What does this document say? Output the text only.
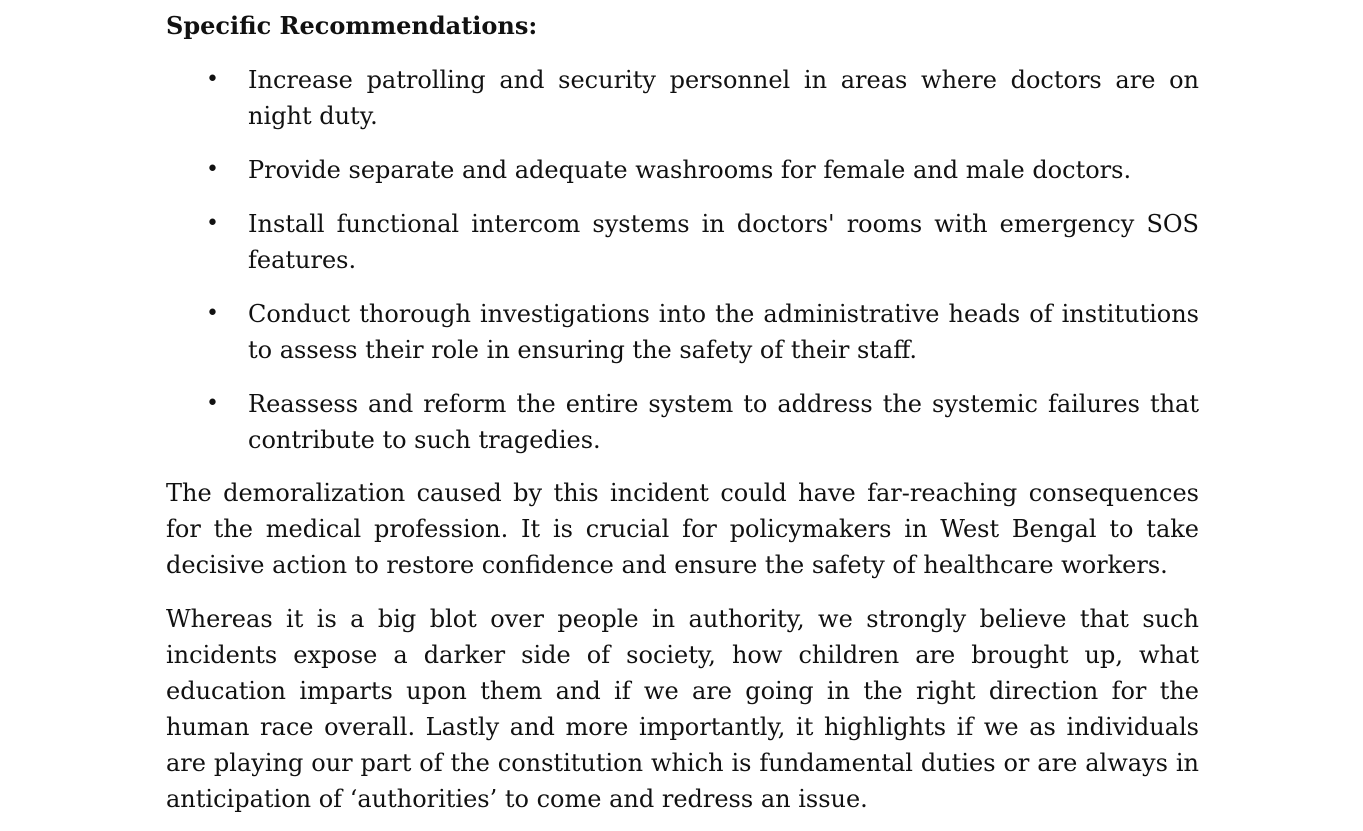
Specific Recommendations:
• Increase patrolling and security personnel in areas where doctors are on night duty.
• Provide separate and adequate washrooms for female and male doctors.
• Install functional intercom systems in doctors' rooms with emergency SOS features.
• Conduct thorough investigations into the administrative heads of institutions to assess their role in ensuring the safety of their staff.
• Reassess and reform the entire system to address the systemic failures that contribute to such tragedies.

The demoralization caused by this incident could have far-reaching consequences for the medical profession. It is crucial for policymakers in West Bengal to take decisive action to restore confidence and ensure the safety of healthcare workers.

Whereas it is a big blot over people in authority, we strongly believe that such incidents expose a darker side of society, how children are brought up, what education imparts upon them and if we are going in the right direction for the human race overall. Lastly and more importantly, it highlights if we as individuals are playing our part of the constitution which is fundamental duties or are always in anticipation of ‘authorities’ to come and redress an issue.
